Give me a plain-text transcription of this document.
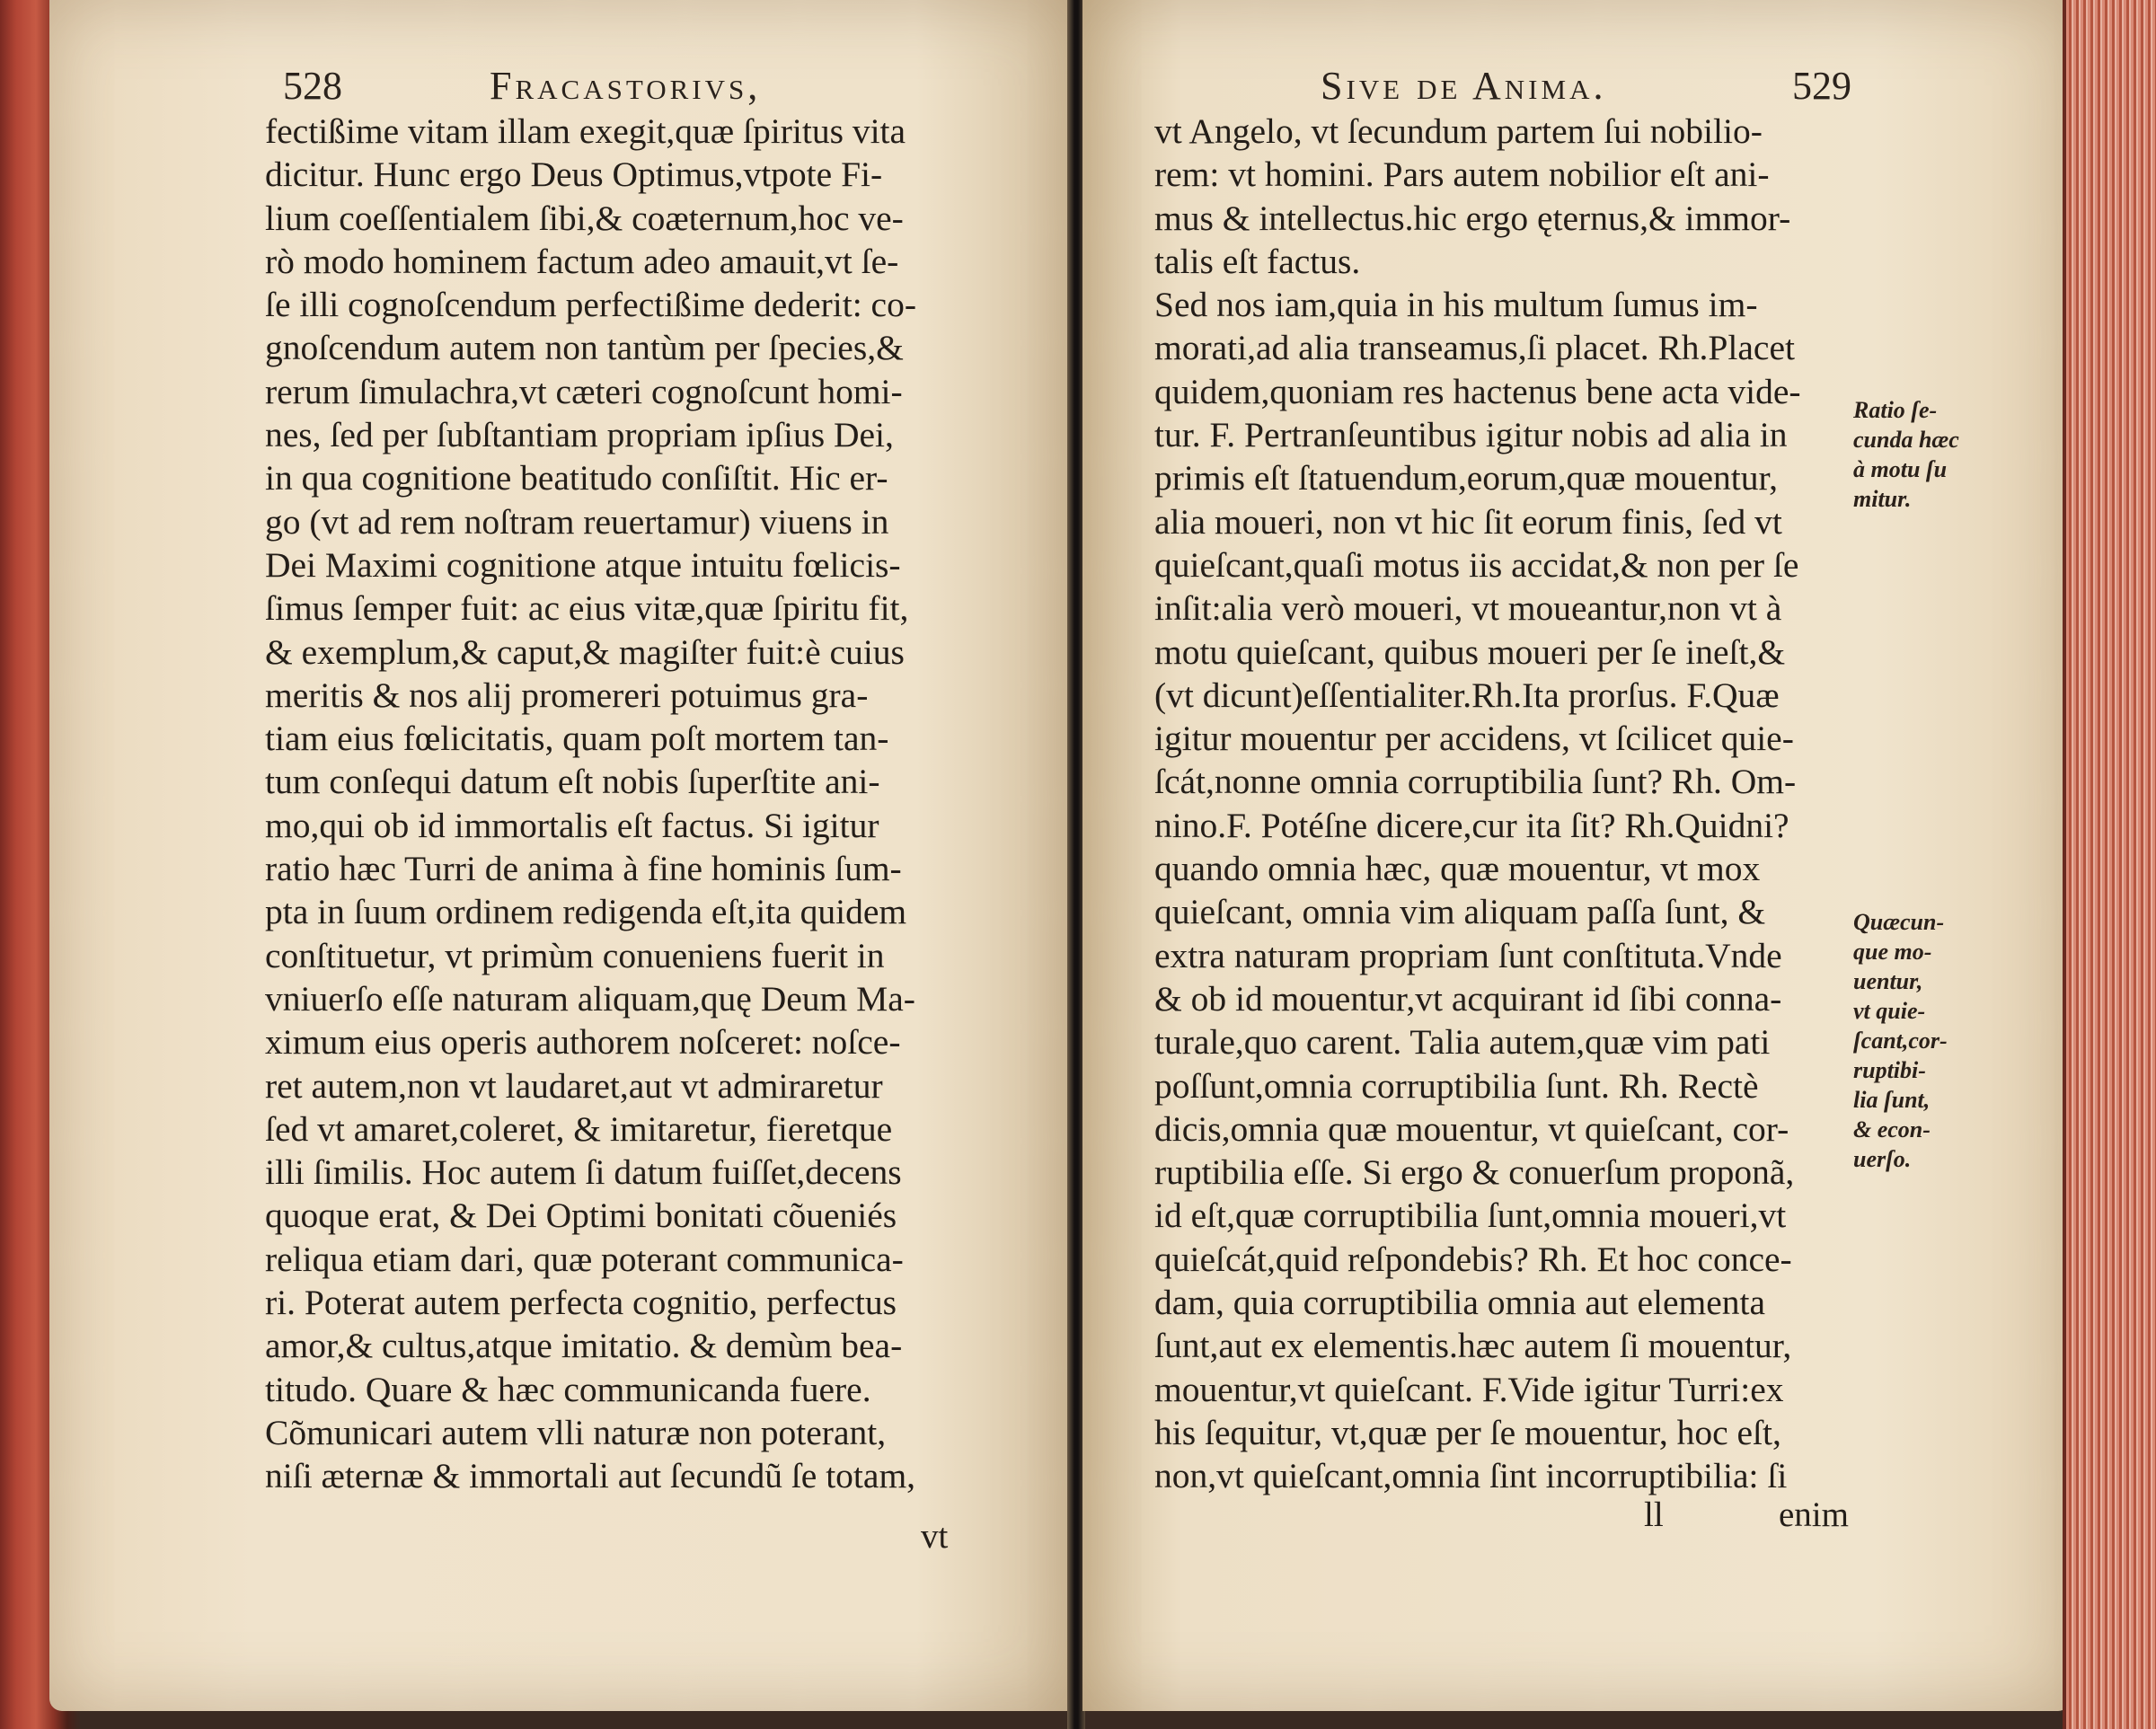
528	Fracastorivs,
fectißime vitam illam exegit,quæ ſpiritus vita
dicitur. Hunc ergo Deus Optimus,vtpote Fi-
lium coeſſentialem ſibi,& coæternum,hoc ve-
rò modo hominem factum adeo amauit,vt ſe-
ſe illi cognoſcendum perfectißime dederit: co-
gnoſcendum autem non tantùm per ſpecies,&
rerum ſimulachra,vt cæteri cognoſcunt homi-
nes, ſed per ſubſtantiam propriam ipſius Dei,
in qua cognitione beatitudo conſiſtit. Hic er-
go (vt ad rem noſtram reuertamur) viuens in
Dei Maximi cognitione atque intuitu fœlicis-
ſimus ſemper fuit: ac eius vitæ,quæ ſpiritu fit,
& exemplum,& caput,& magiſter fuit:è cuius
meritis & nos alij promereri potuimus gra-
tiam eius fœlicitatis, quam poſt mortem tan-
tum conſequi datum eſt nobis ſuperſtite ani-
mo,qui ob id immortalis eſt factus. Si igitur
ratio hæc Turri de anima à fine hominis ſum-
pta in ſuum ordinem redigenda eſt,ita quidem
conſtituetur, vt primùm conueniens fuerit in
vniuerſo eſſe naturam aliquam,quę Deum Ma-
ximum eius operis authorem noſceret: noſce-
ret autem,non vt laudaret,aut vt admiraretur
ſed vt amaret,coleret, & imitaretur, fieretque
illi ſimilis. Hoc autem ſi datum fuiſſet,decens
quoque erat, & Dei Optimi bonitati cõueniés
reliqua etiam dari, quæ poterant communica-
ri. Poterat autem perfecta cognitio, perfectus
amor,& cultus,atque imitatio. & demùm bea-
titudo. Quare & hæc communicanda fuere.
Cõmunicari autem vlli naturæ non poterant,
niſi æternæ & immortali aut ſecundũ ſe totam,
vt
Sive de Anima.	529
vt Angelo, vt ſecundum partem ſui nobilio-
rem: vt homini. Pars autem nobilior eſt ani-
mus & intellectus.hic ergo ęternus,& immor-
talis eſt factus.
Sed nos iam,quia in his multum ſumus im-
morati,ad alia transeamus,ſi placet. Rh.Placet
quidem,quoniam res hactenus bene acta vide-
tur. F. Pertranſeuntibus igitur nobis ad alia in
primis eſt ſtatuendum,eorum,quæ mouentur,
alia moueri, non vt hic ſit eorum finis, ſed vt
quieſcant,quaſi motus iis accidat,& non per ſe
inſit:alia verò moueri, vt moueantur,non vt à
motu quieſcant, quibus moueri per ſe ineſt,&
(vt dicunt)eſſentialiter.Rh.Ita prorſus. F.Quæ
igitur mouentur per accidens, vt ſcilicet quie-
ſcát,nonne omnia corruptibilia ſunt? Rh. Om-
nino.F. Potéſne dicere,cur ita ſit? Rh.Quidni?
quando omnia hæc, quæ mouentur, vt mox
quieſcant, omnia vim aliquam paſſa ſunt, &
extra naturam propriam ſunt conſtituta.Vnde
& ob id mouentur,vt acquirant id ſibi conna-
turale,quo carent. Talia autem,quæ vim pati
poſſunt,omnia corruptibilia ſunt. Rh. Rectè
dicis,omnia quæ mouentur, vt quieſcant, cor-
ruptibilia eſſe. Si ergo & conuerſum proponã,
id eſt,quæ corruptibilia ſunt,omnia moueri,vt
quieſcát,quid reſpondebis? Rh. Et hoc conce-
dam, quia corruptibilia omnia aut elementa
ſunt,aut ex elementis.hæc autem ſi mouentur,
mouentur,vt quieſcant. F.Vide igitur Turri:ex
his ſequitur, vt,quæ per ſe mouentur, hoc eſt,
non,vt quieſcant,omnia ſint incorruptibilia: ſi
Ratio ſe-
cunda hæc
à motu ſu
mitur.
Quæcun-
que mo-
uentur,
vt quie-
ſcant,cor-
ruptibi-
lia ſunt,
& econ-
uerſo.
ll	enim
